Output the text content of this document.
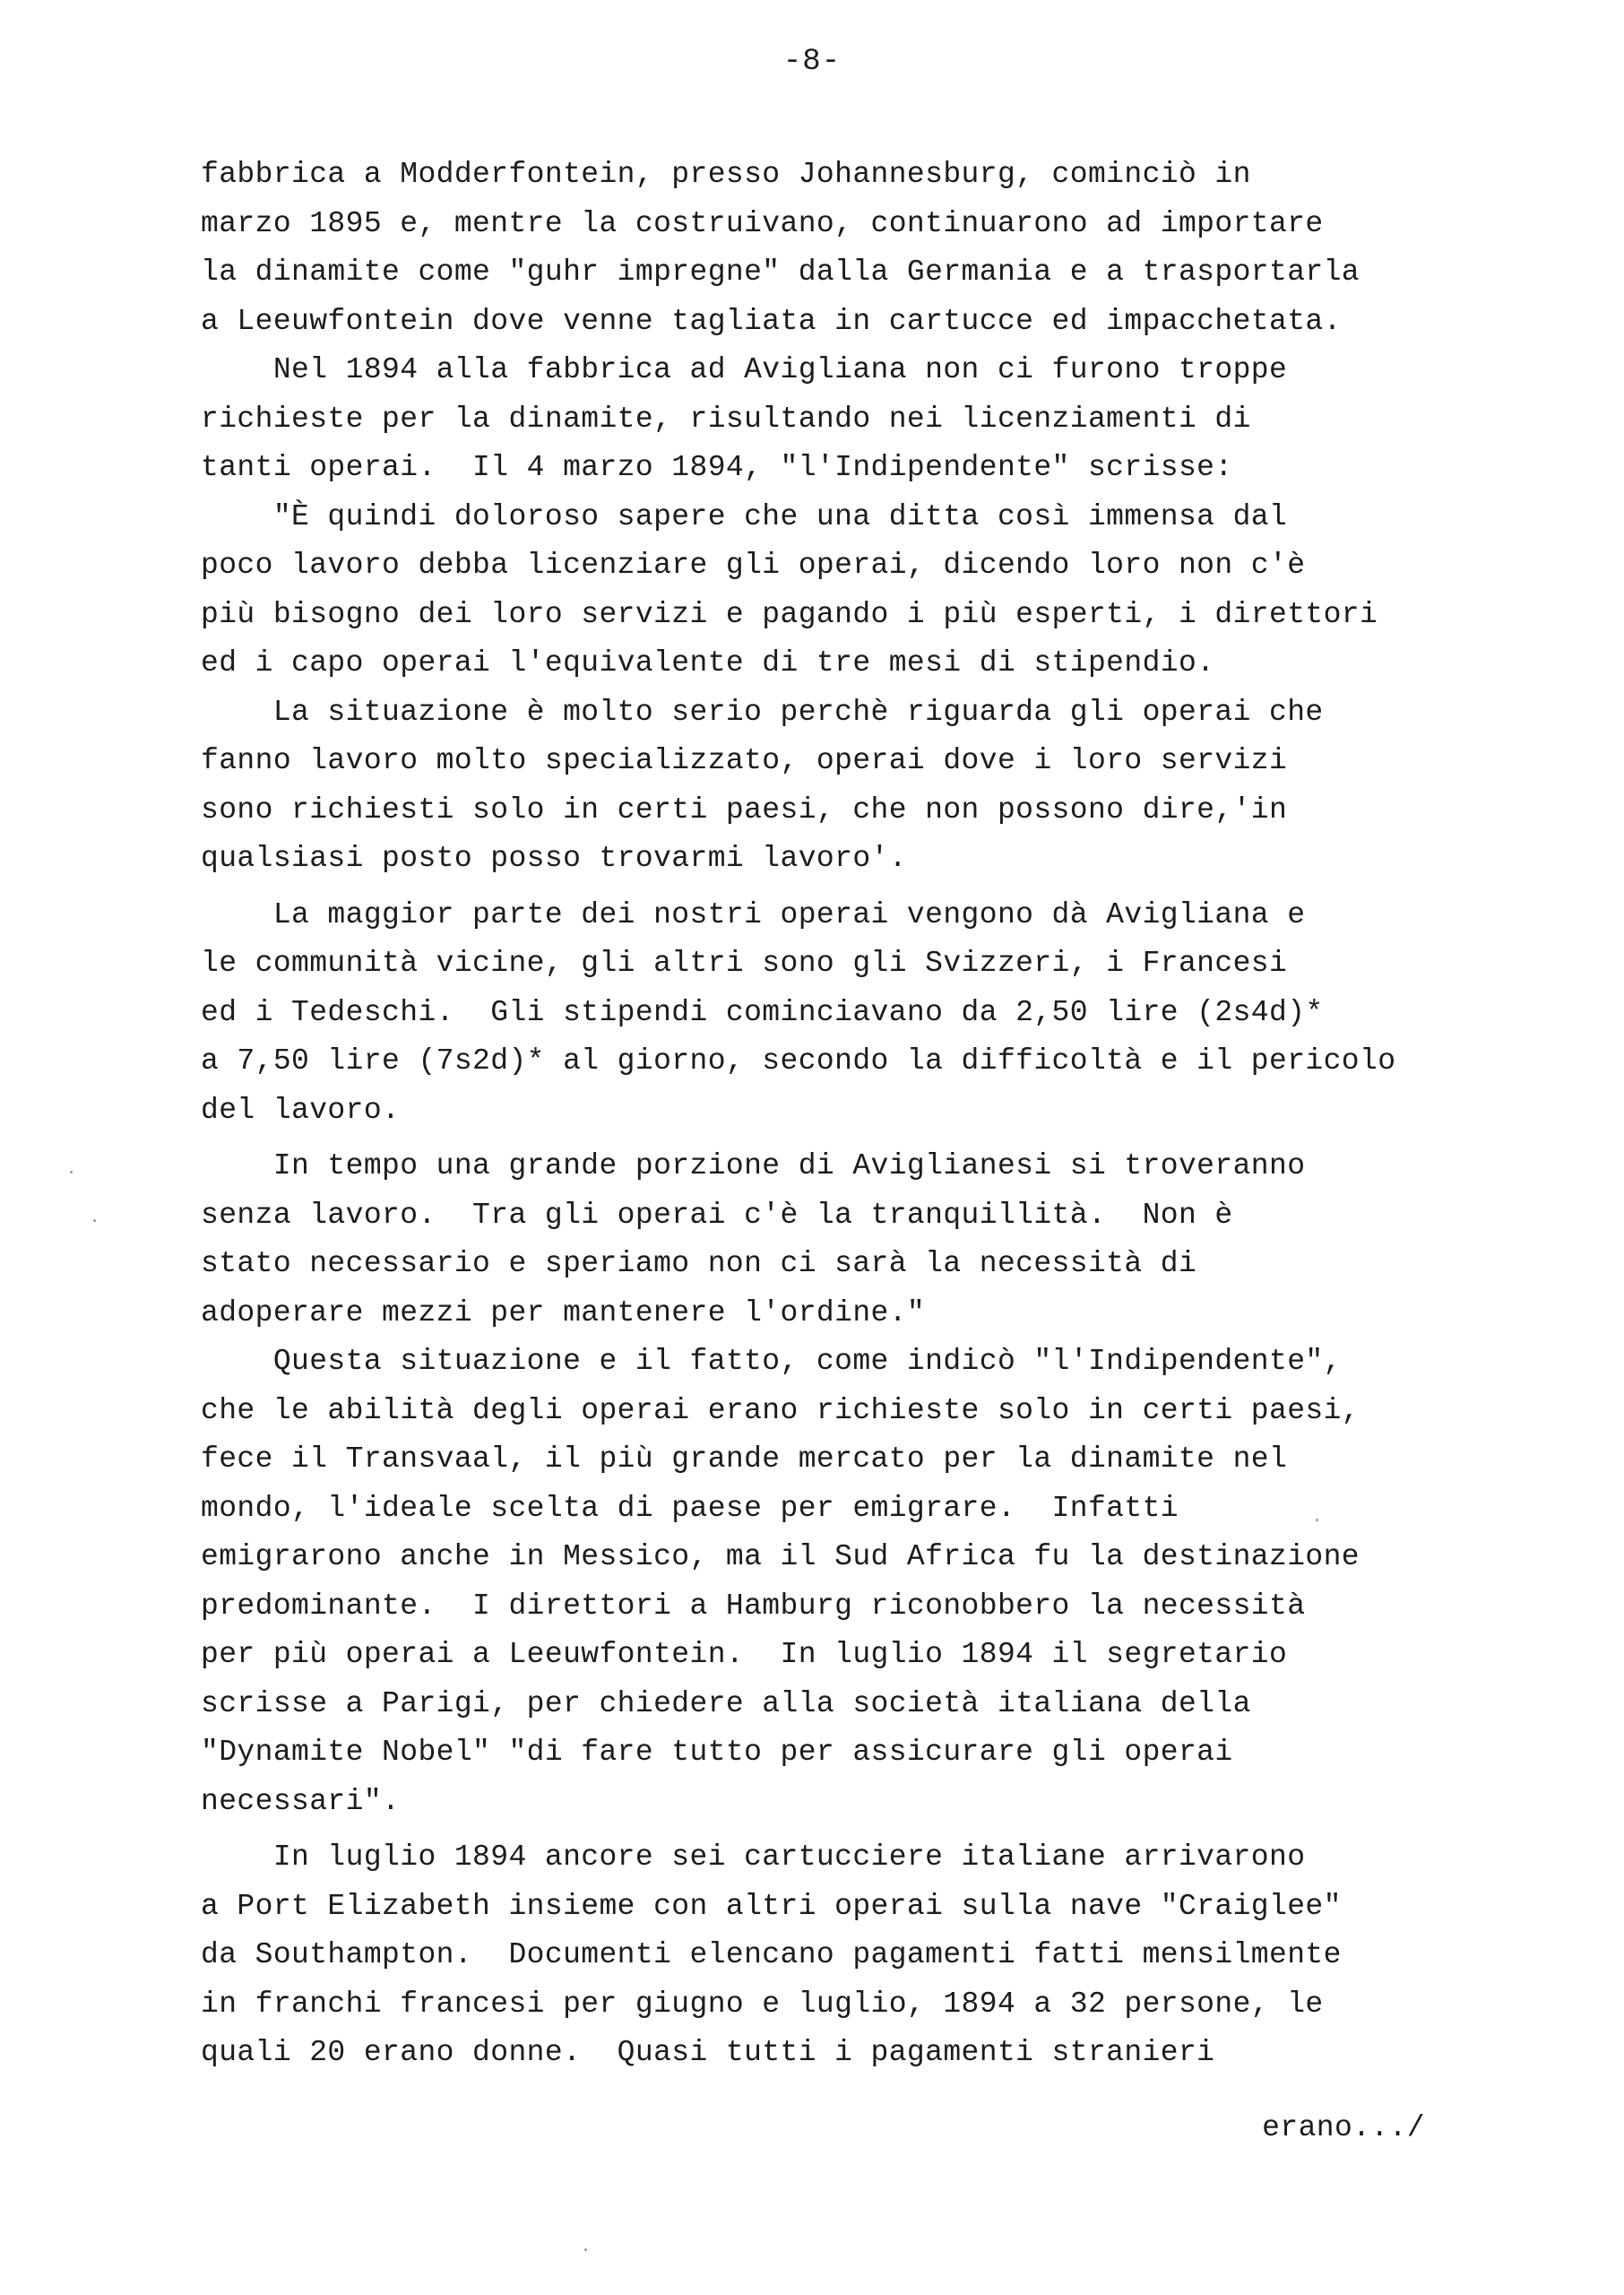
-8-
fabbrica a Modderfontein, presso Johannesburg, cominciò in
marzo 1895 e, mentre la costruivano, continuarono ad importare
la dinamite come "guhr impregne" dalla Germania e a trasportarla
a Leeuwfontein dove venne tagliata in cartucce ed impacchetata.
Nel 1894 alla fabbrica ad Avigliana non ci furono troppe
richieste per la dinamite, risultando nei licenziamenti di
tanti operai.  Il 4 marzo 1894, "l'Indipendente" scrisse:
"È quindi doloroso sapere che una ditta così immensa dal
poco lavoro debba licenziare gli operai, dicendo loro non c'è
più bisogno dei loro servizi e pagando i più esperti, i direttori
ed i capo operai l'equivalente di tre mesi di stipendio.
La situazione è molto serio perchè riguarda gli operai che
fanno lavoro molto specializzato, operai dove i loro servizi
sono richiesti solo in certi paesi, che non possono dire,'in
qualsiasi posto posso trovarmi lavoro'.
La maggior parte dei nostri operai vengono dà Avigliana e
le communità vicine, gli altri sono gli Svizzeri, i Francesi
ed i Tedeschi.  Gli stipendi cominciavano da 2,50 lire (2s4d)*
a 7,50 lire (7s2d)* al giorno, secondo la difficoltà e il pericolo
del lavoro.
In tempo una grande porzione di Aviglianesi si troveranno
senza lavoro.  Tra gli operai c'è la tranquillità.  Non è
stato necessario e speriamo non ci sarà la necessità di
adoperare mezzi per mantenere l'ordine."
Questa situazione e il fatto, come indicò "l'Indipendente",
che le abilità degli operai erano richieste solo in certi paesi,
fece il Transvaal, il più grande mercato per la dinamite nel
mondo, l'ideale scelta di paese per emigrare.  Infatti
emigrarono anche in Messico, ma il Sud Africa fu la destinazione
predominante.  I direttori a Hamburg riconobbero la necessità
per più operai a Leeuwfontein.  In luglio 1894 il segretario
scrisse a Parigi, per chiedere alla società italiana della
"Dynamite Nobel" "di fare tutto per assicurare gli operai
necessari".
In luglio 1894 ancore sei cartucciere italiane arrivarono
a Port Elizabeth insieme con altri operai sulla nave "Craiglee"
da Southampton.  Documenti elencano pagamenti fatti mensilmente
in franchi francesi per giugno e luglio, 1894 a 32 persone, le
quali 20 erano donne.  Quasi tutti i pagamenti stranieri
erano.../
